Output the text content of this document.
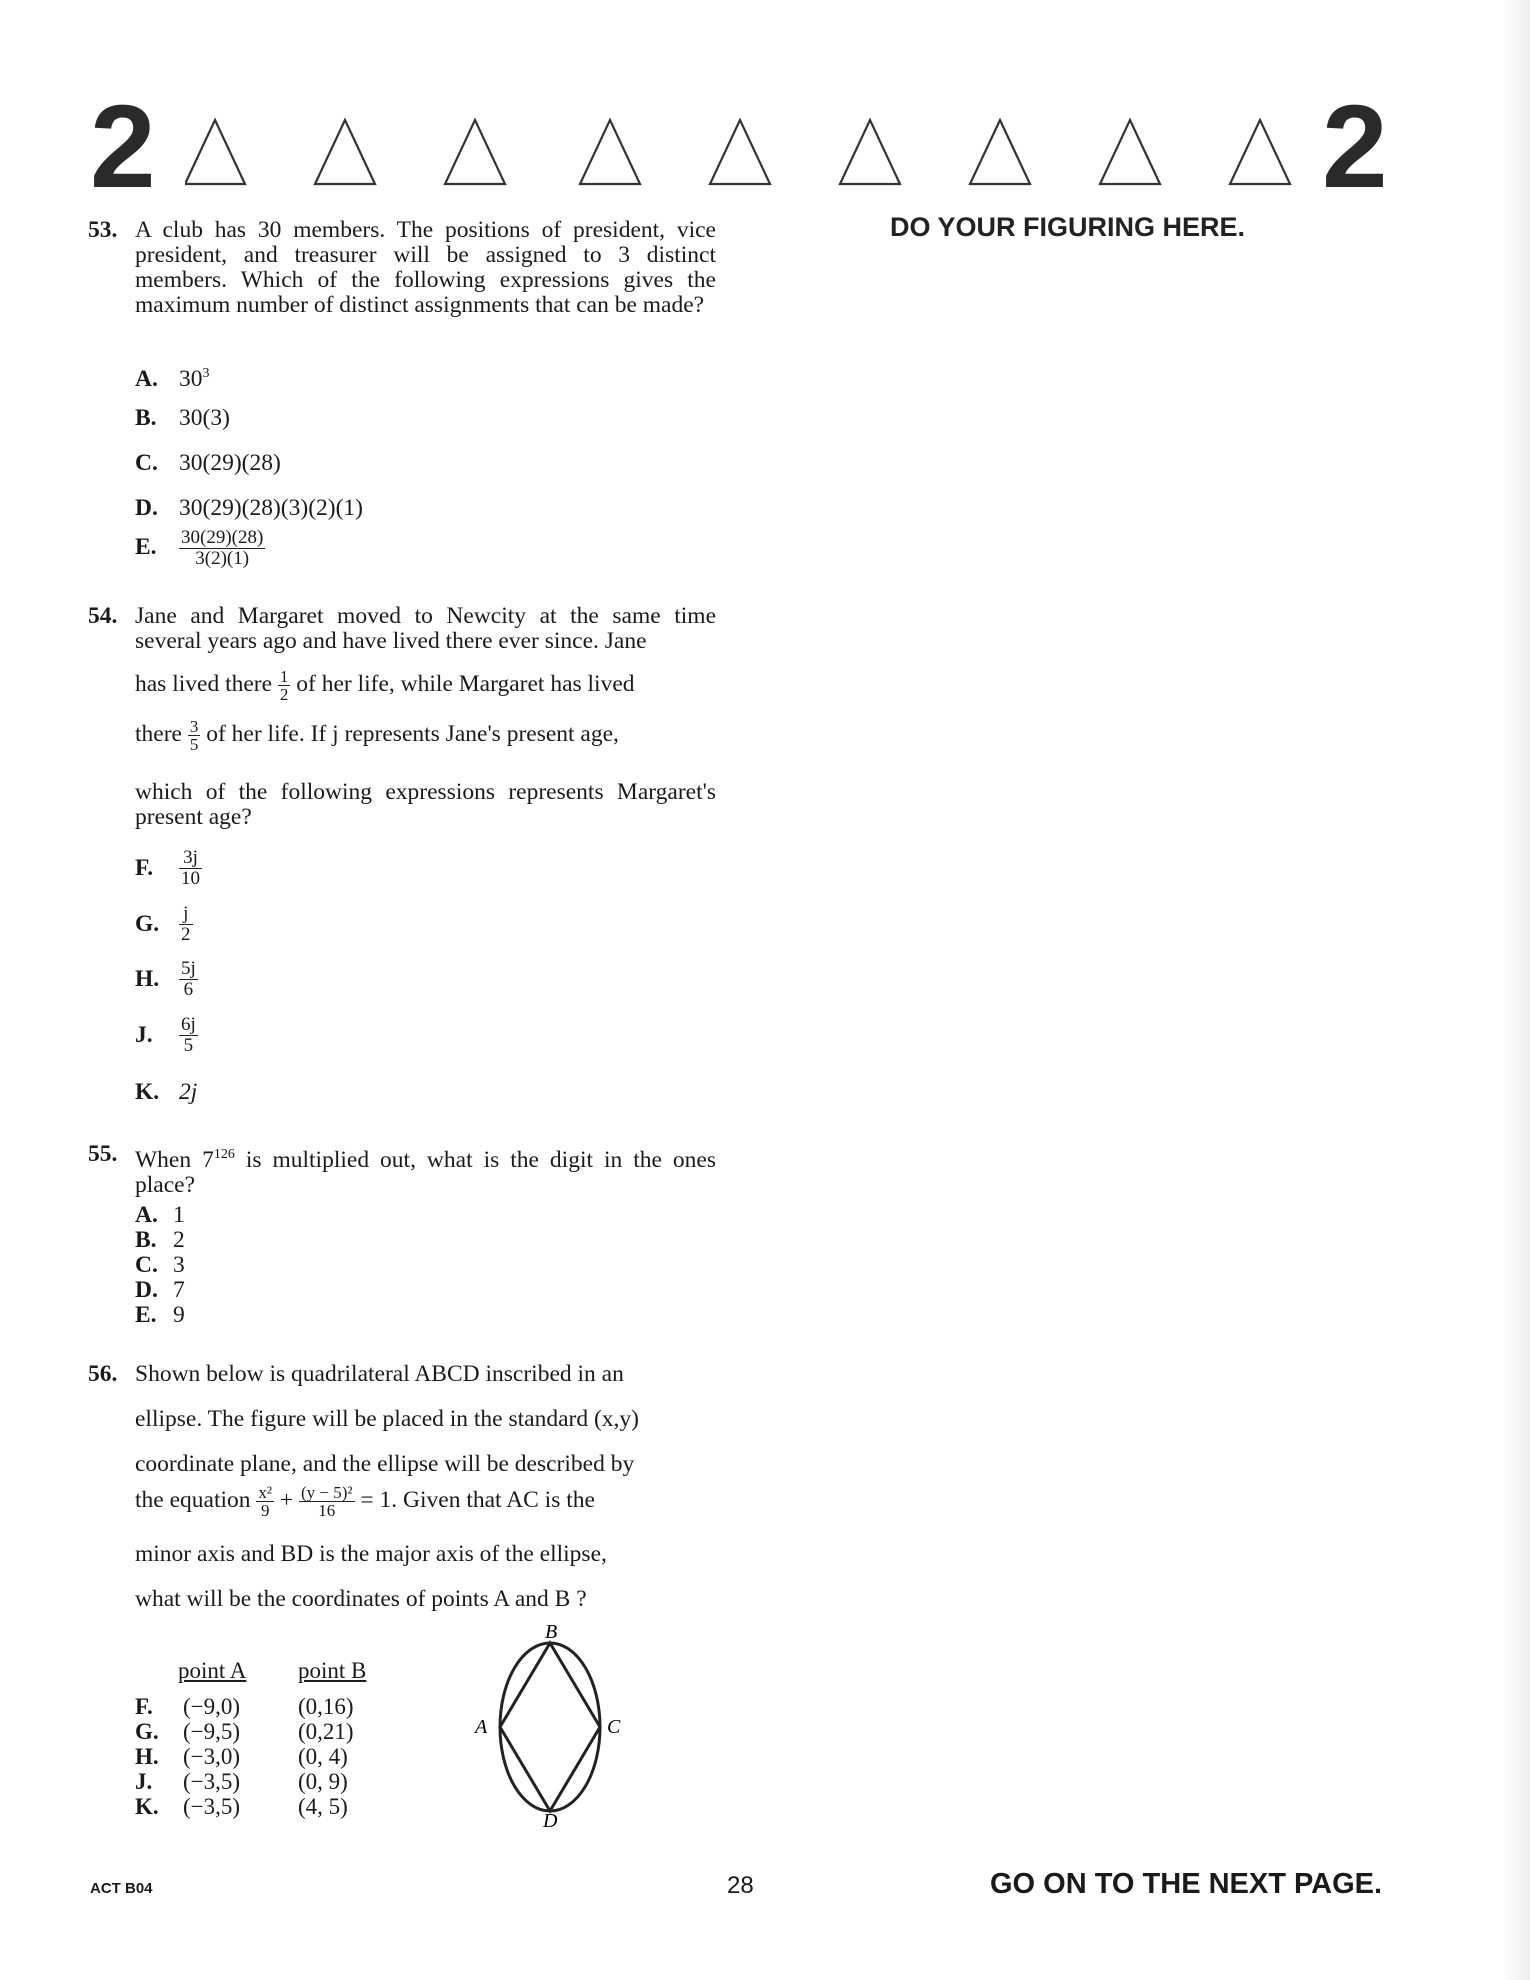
2	2
DO YOUR FIGURING HERE.
53. A club has 30 members. The positions of president, vice president, and treasurer will be assigned to 3 distinct members. Which of the following expressions gives the maximum number of distinct assignments that can be made?
A. $30^3$
B. 30(3)
C. 30(29)(28)
D. 30(29)(28)(3)(2)(1)
E. $\frac{30(29)(28)}{3(2)(1)}$
54. Jane and Margaret moved to Newcity at the same time several years ago and have lived there ever since. Jane
has lived there $\frac{1}{2}$ of her life, while Margaret has lived
there $\frac{3}{5}$ of her life. If j represents Jane's present age,
which of the following expressions represents Margaret's present age?
F. $\frac{3j}{10}$
G. $\frac{j}{2}$
H. $\frac{5j}{6}$
J. $\frac{6j}{5}$
K. 2j
55. When $7^{126}$ is multiplied out, what is the digit in the ones place?
A. 1
B. 2
C. 3
D. 7
E. 9
56. Shown below is quadrilateral ABCD inscribed in an
ellipse. The figure will be placed in the standard (x,y)
coordinate plane, and the ellipse will be described by
the equation $\frac{\text{x²}}{9} + \frac{\text{(y − 5)²}}{16} = 1$. Given that AC is the
minor axis and BD is the major axis of the ellipse,
what will be the coordinates of points A and B ?
point A point B
F. (−9,0)	(0,16)
G. (−9,5)	(0,21)
H. (−3,0)	(0, 4)
J. (−3,5)	(0, 9)
K. (−3,5)	(4, 5)
B
A	C
D
ACT B04	28	GO ON TO THE NEXT PAGE.
